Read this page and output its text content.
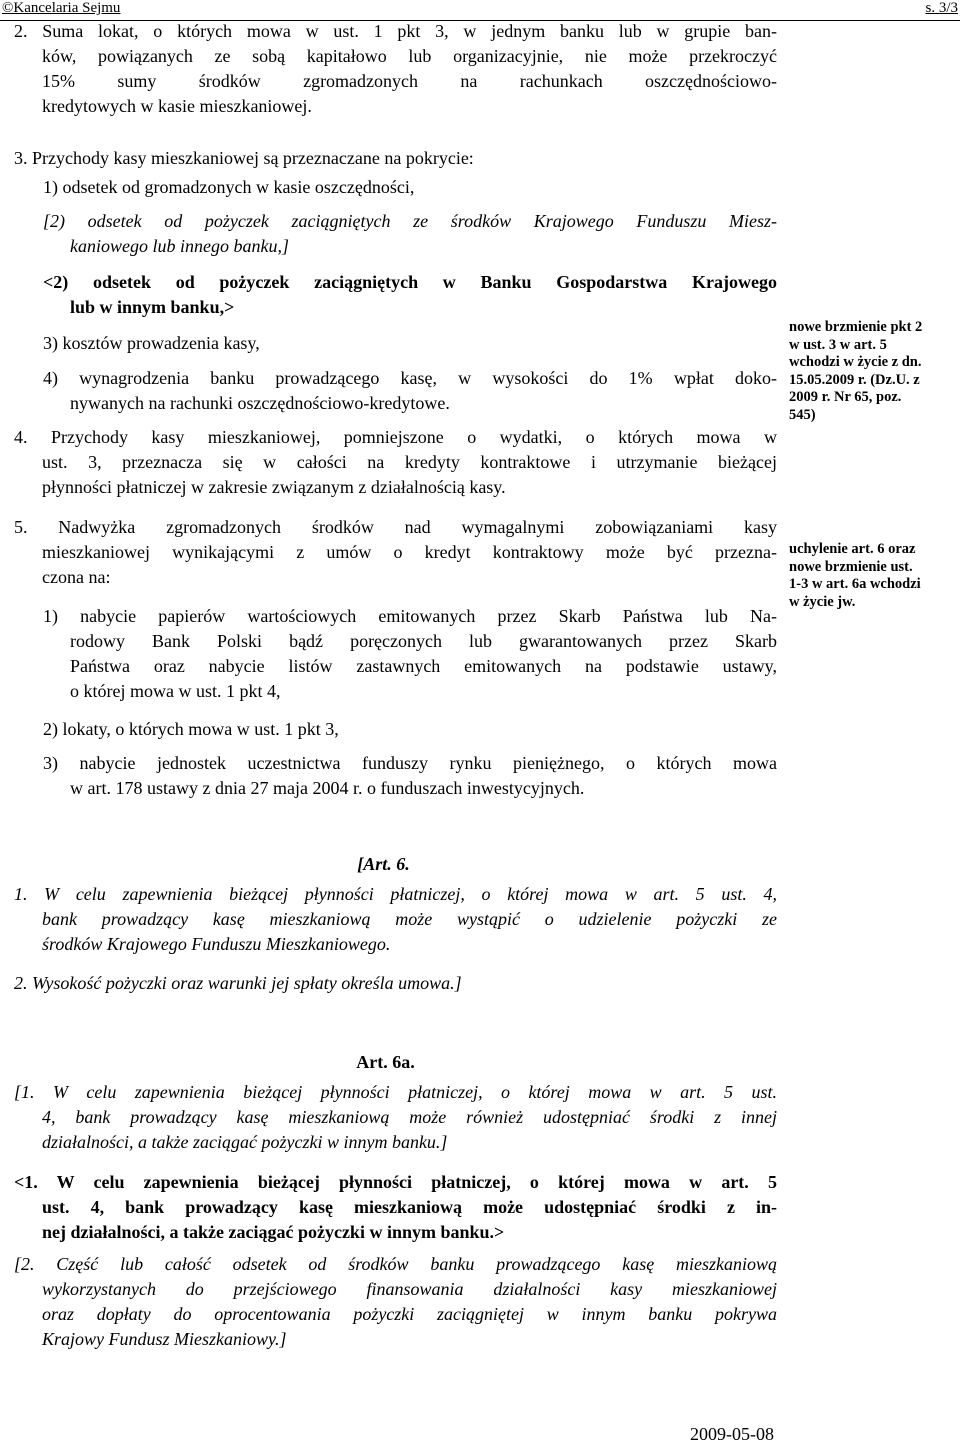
©Kancelaria Sejmu	s. 3/3
2. Suma lokat, o których mowa w ust. 1 pkt 3, w jednym banku lub w grupie ban-
ków, powiązanych ze sobą kapitałowo lub organizacyjnie, nie może przekroczyć
15% sumy środków zgromadzonych na rachunkach oszczędnościowo-
kredytowych w kasie mieszkaniowej.
3. Przychody kasy mieszkaniowej są przeznaczane na pokrycie:
1) odsetek od gromadzonych w kasie oszczędności,
[2) odsetek od pożyczek zaciągniętych ze środków Krajowego Funduszu Miesz-
kaniowego lub innego banku,]
<2) odsetek od pożyczek zaciągniętych w Banku Gospodarstwa Krajowego
lub w innym banku,>
3) kosztów prowadzenia kasy,
4) wynagrodzenia banku prowadzącego kasę, w wysokości do 1% wpłat doko-
nywanych na rachunki oszczędnościowo-kredytowe.
4. Przychody kasy mieszkaniowej, pomniejszone o wydatki, o których mowa w
ust. 3, przeznacza się w całości na kredyty kontraktowe i utrzymanie bieżącej
płynności płatniczej w zakresie związanym z działalnością kasy.
5. Nadwyżka zgromadzonych środków nad wymagalnymi zobowiązaniami kasy
mieszkaniowej wynikającymi z umów o kredyt kontraktowy może być przezna-
czona na:
1) nabycie papierów wartościowych emitowanych przez Skarb Państwa lub Na-
rodowy Bank Polski bądź poręczonych lub gwarantowanych przez Skarb
Państwa oraz nabycie listów zastawnych emitowanych na podstawie ustawy,
o której mowa w ust. 1 pkt 4,
2) lokaty, o których mowa w ust. 1 pkt 3,
3) nabycie jednostek uczestnictwa funduszy rynku pieniężnego, o których mowa
w art. 178 ustawy z dnia 27 maja 2004 r. o funduszach inwestycyjnych.
nowe brzmienie pkt 2
w ust. 3 w art. 5
wchodzi w życie z dn.
15.05.2009 r. (Dz.U. z
2009 r. Nr 65, poz.
545)
uchylenie art. 6 oraz
nowe brzmienie ust.
1-3 w art. 6a wchodzi
w życie jw.
[Art. 6.
1. W celu zapewnienia bieżącej płynności płatniczej, o której mowa w art. 5 ust. 4,
bank prowadzący kasę mieszkaniową może wystąpić o udzielenie pożyczki ze
środków Krajowego Funduszu Mieszkaniowego.
2. Wysokość pożyczki oraz warunki jej spłaty określa umowa.]
Art. 6a.
[1. W celu zapewnienia bieżącej płynności płatniczej, o której mowa w art. 5 ust.
4, bank prowadzący kasę mieszkaniową może również udostępniać środki z innej
działalności, a także zaciągać pożyczki w innym banku.]
<1. W celu zapewnienia bieżącej płynności płatniczej, o której mowa w art. 5
ust. 4, bank prowadzący kasę mieszkaniową może udostępniać środki z in-
nej działalności, a także zaciągać pożyczki w innym banku.>
[2. Część lub całość odsetek od środków banku prowadzącego kasę mieszkaniową
wykorzystanych do przejściowego finansowania działalności kasy mieszkaniowej
oraz dopłaty do oprocentowania pożyczki zaciągniętej w innym banku pokrywa
Krajowy Fundusz Mieszkaniowy.]
2009-05-08
